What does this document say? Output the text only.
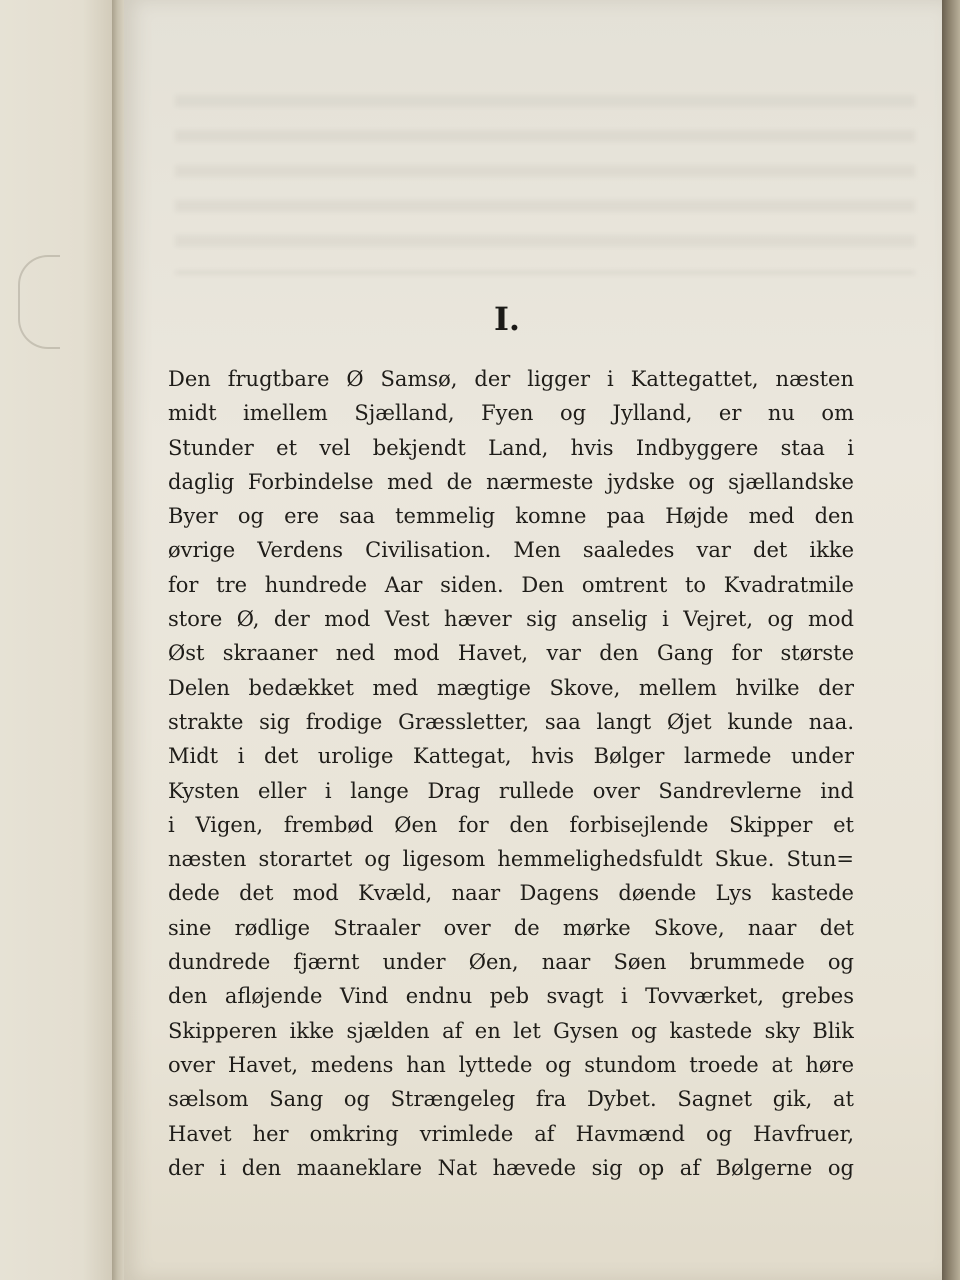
I.
Den frugtbare Ø Samsø, der ligger i Kattegattet, næsten
midt imellem Sjælland, Fyen og Jylland, er nu om
Stunder et vel bekjendt Land, hvis Indbyggere staa i
daglig Forbindelse med de nærmeste jydske og sjællandske
Byer og ere saa temmelig komne paa Højde med den
øvrige Verdens Civilisation. Men saaledes var det ikke
for tre hundrede Aar siden. Den omtrent to Kvadratmile
store Ø, der mod Vest hæver sig anselig i Vejret, og mod
Øst skraaner ned mod Havet, var den Gang for største
Delen bedækket med mægtige Skove, mellem hvilke der
strakte sig frodige Græssletter, saa langt Øjet kunde naa.
Midt i det urolige Kattegat, hvis Bølger larmede under
Kysten eller i lange Drag rullede over Sandrevlerne ind
i Vigen, frembød Øen for den forbisejlende Skipper et
næsten storartet og ligesom hemmelighedsfuldt Skue. Stun=
dede det mod Kvæld, naar Dagens døende Lys kastede
sine rødlige Straaler over de mørke Skove, naar det
dundrede fjærnt under Øen, naar Søen brummede og
den afløjende Vind endnu peb svagt i Tovværket, grebes
Skipperen ikke sjælden af en let Gysen og kastede sky Blik
over Havet, medens han lyttede og stundom troede at høre
sælsom Sang og Strængeleg fra Dybet. Sagnet gik, at
Havet her omkring vrimlede af Havmænd og Havfruer,
der i den maaneklare Nat hævede sig op af Bølgerne og
